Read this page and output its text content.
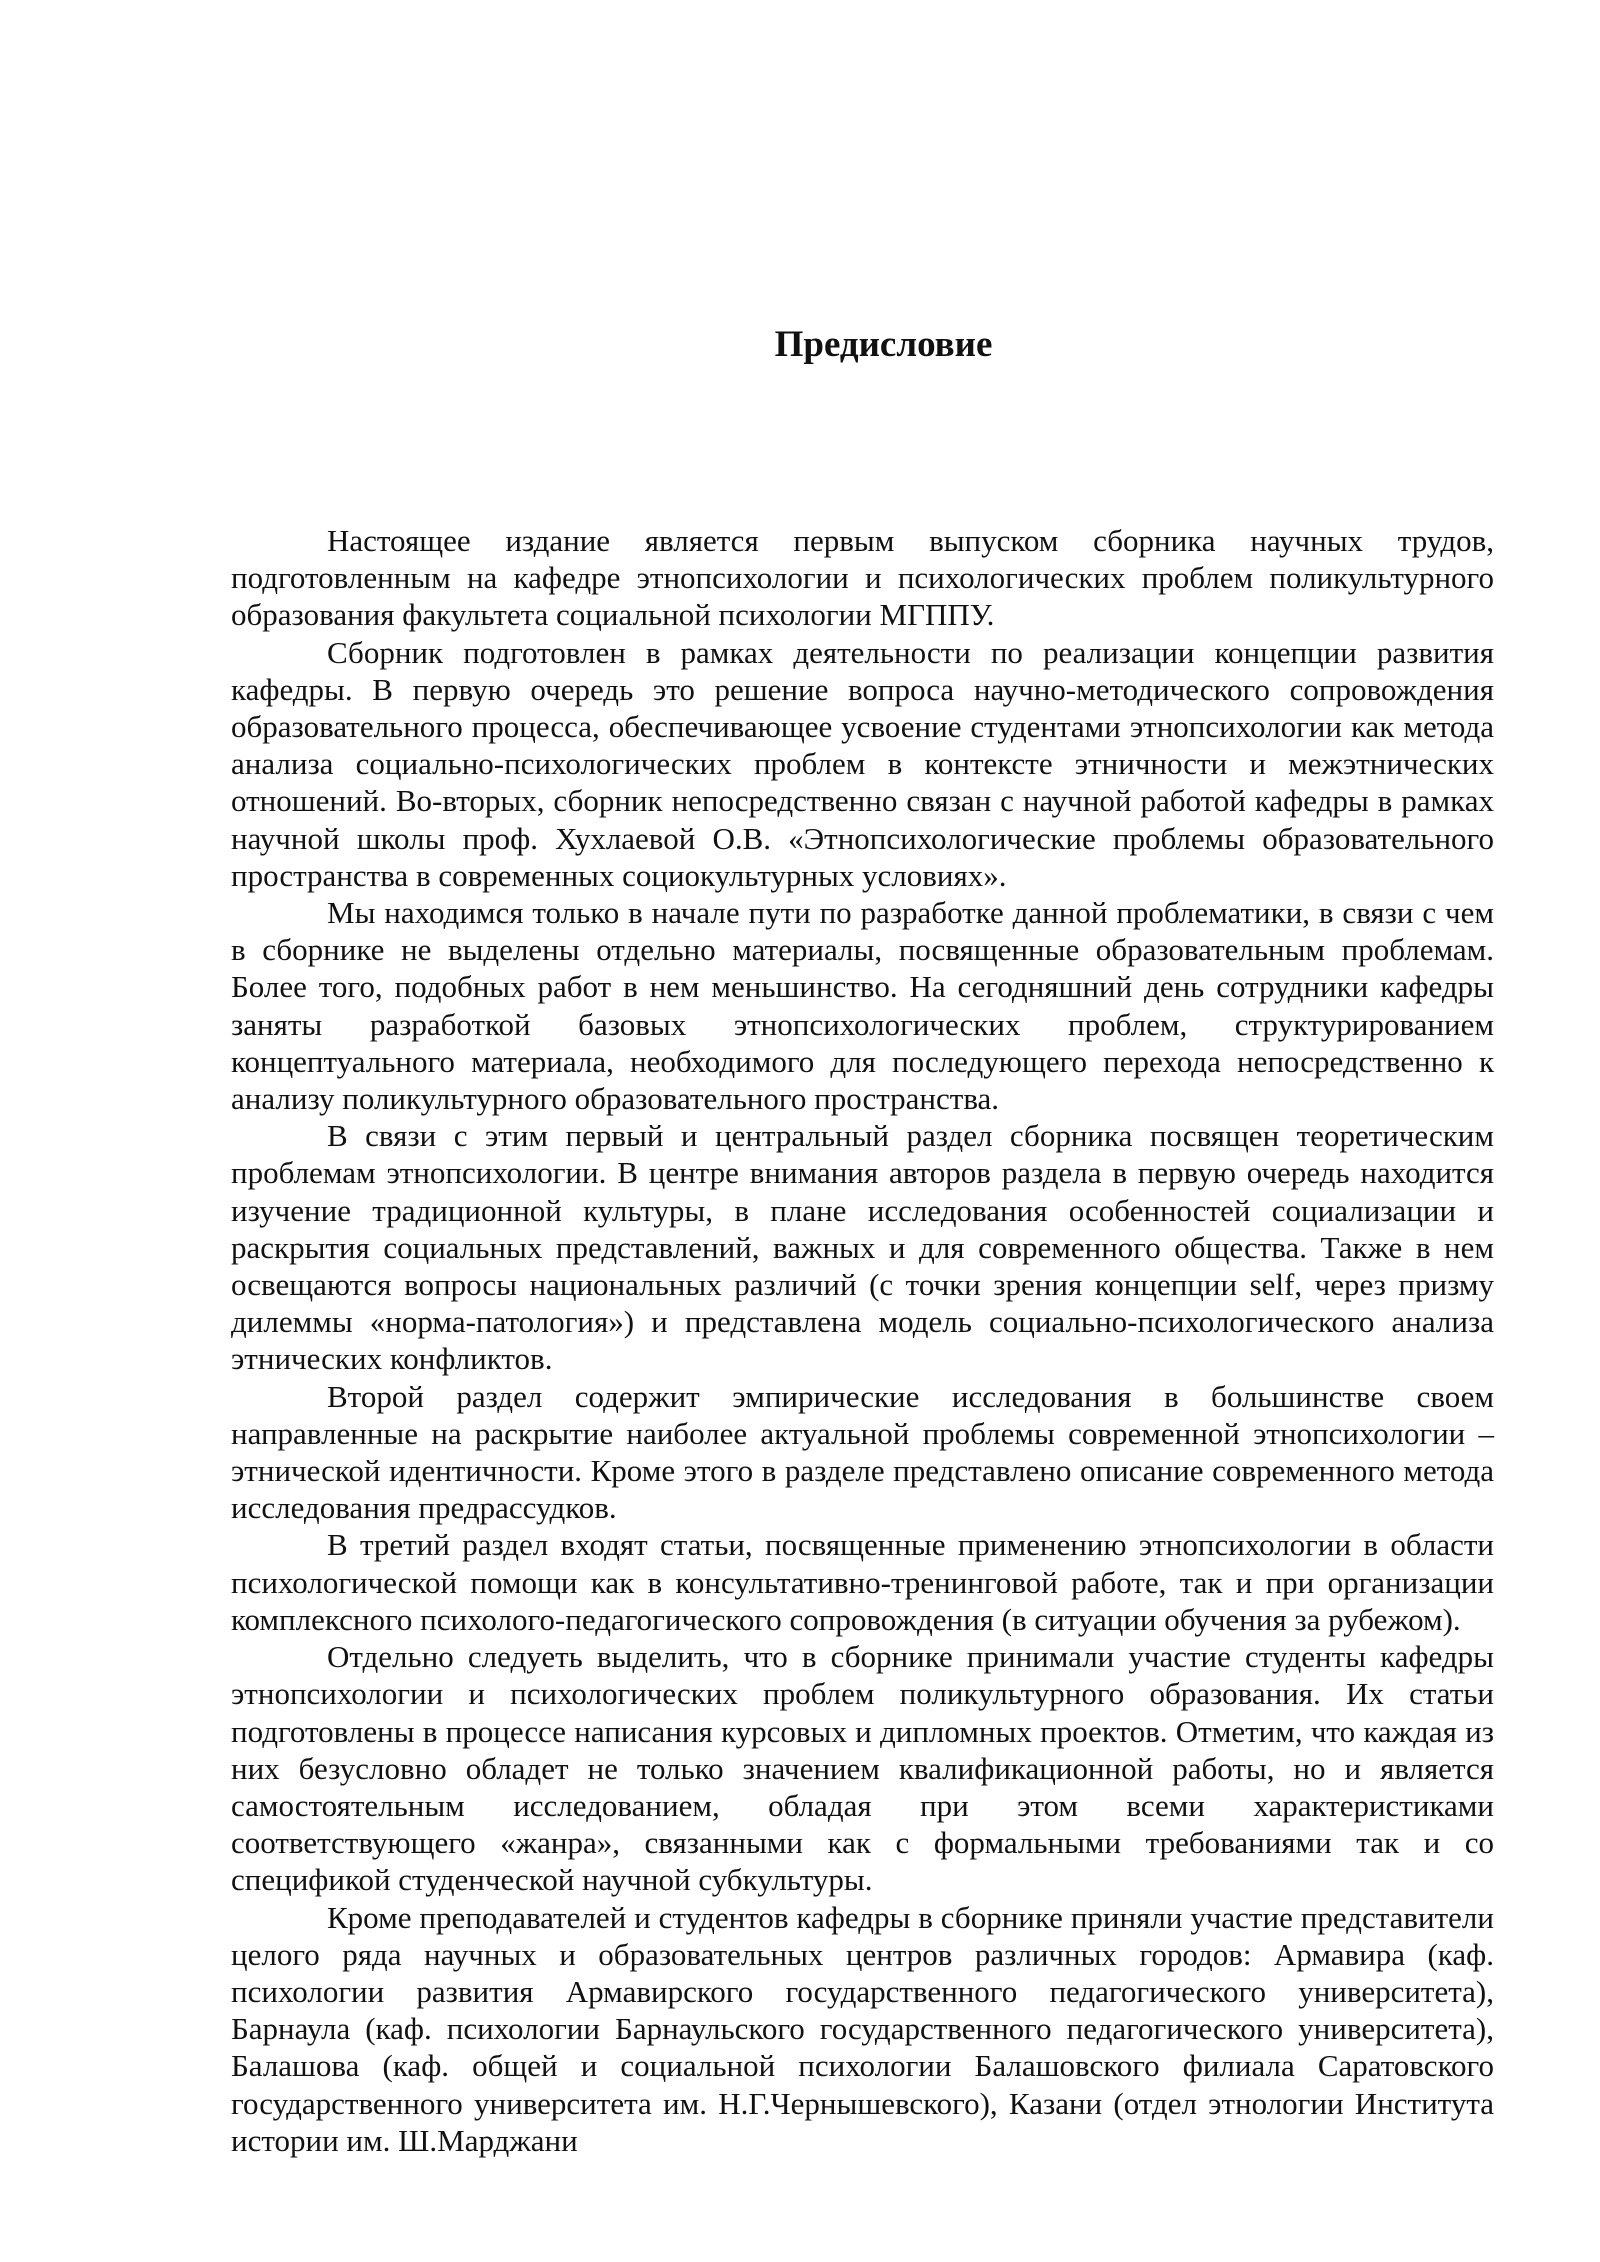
Предисловие

Настоящее издание является первым выпуском сборника научных трудов, подготовленным на кафедре этнопсихологии и психологических проблем поликультурного образования факультета социальной психологии МГППУ.

Сборник подготовлен в рамках деятельности по реализации концепции развития кафедры. В первую очередь это решение вопроса научно-методического сопровождения образовательного процесса, обеспечивающее усвоение студентами этнопсихологии как метода анализа социально-психологических проблем в контексте этничности и межэтнических отношений. Во-вторых, сборник непосредственно связан с научной работой кафедры в рамках научной школы проф. Хухлаевой О.В. «Этнопсихологические проблемы образовательного пространства в современных социокультурных условиях».

Мы находимся только в начале пути по разработке данной проблематики, в связи с чем в сборнике не выделены отдельно материалы, посвященные образовательным проблемам. Более того, подобных работ в нем меньшинство. На сегодняшний день сотрудники кафедры заняты разработкой базовых этнопсихологических проблем, структурированием концептуального материала, необходимого для последующего перехода непосредственно к анализу поликультурного образовательного пространства.

В связи с этим первый и центральный раздел сборника посвящен теоретическим проблемам этнопсихологии. В центре внимания авторов раздела в первую очередь находится изучение традиционной культуры, в плане исследования особенностей социализации и раскрытия социальных представлений, важных и для современного общества. Также в нем освещаются вопросы национальных различий (с точки зрения концепции self, через призму дилеммы «норма-патология») и представлена модель социально-психологического анализа этнических конфликтов.

Второй раздел содержит эмпирические исследования в большинстве своем направленные на раскрытие наиболее актуальной проблемы современной этнопсихологии – этнической идентичности. Кроме этого в разделе представлено описание современного метода исследования предрассудков.

В третий раздел входят статьи, посвященные применению этнопсихологии в области психологической помощи как в консультативно-тренинговой работе, так и при организации комплексного психолого-педагогического сопровождения (в ситуации обучения за рубежом).

Отдельно следуеть выделить, что в сборнике принимали участие студенты кафедры этнопсихологии и психологических проблем поликультурного образования. Их статьи подготовлены в процессе написания курсовых и дипломных проектов. Отметим, что каждая из них безусловно обладет не только значением квалификационной работы, но и является самостоятельным исследованием, обладая при этом всеми характеристиками соответствующего «жанра», связанными как с формальными требованиями так и со спецификой студенческой научной субкультуры.

Кроме преподавателей и студентов кафедры в сборнике приняли участие представители целого ряда научных и образовательных центров различных городов: Армавира (каф. психологии развития Армавирского государственного педагогического университета), Барнаула (каф. психологии Барнаульского государственного педагогического университета), Балашова (каф. общей и социальной психологии Балашовского филиала Саратовского государственного университета им. Н.Г.Чернышевского), Казани (отдел этнологии Института истории им. Ш.Марджани
